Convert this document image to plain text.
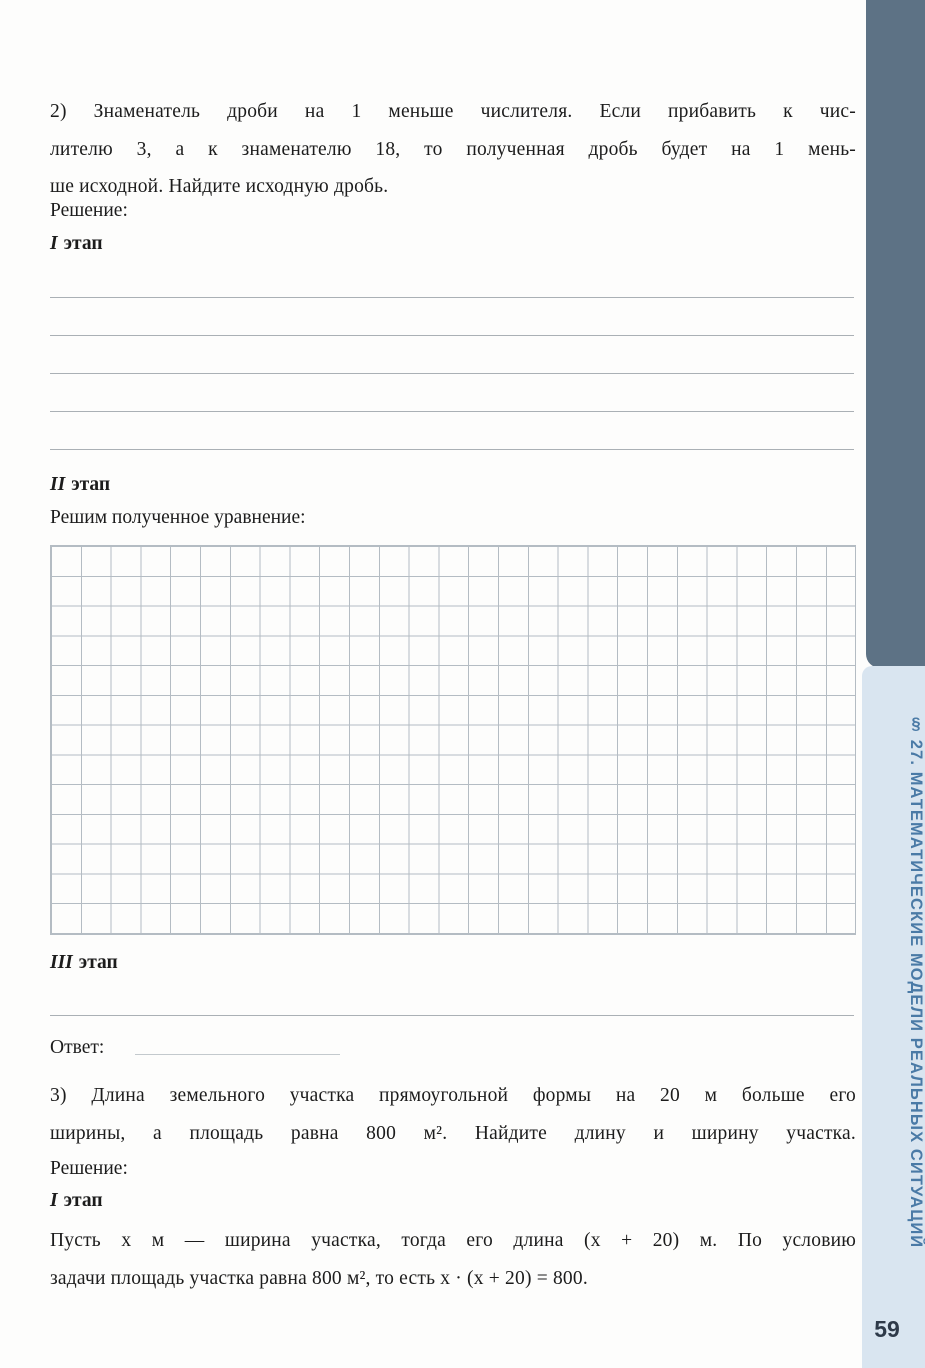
2) Знаменатель дроби на 1 меньше числителя. Если прибавить к чис-
лителю 3, а к знаменателю 18, то полученная дробь будет на 1 мень-
ше исходной. Найдите исходную дробь.
Решение:
I этап
II этап
Решим полученное уравнение:
III этап
Ответ:
3) Длина земельного участка прямоугольной формы на 20 м больше его
ширины, а площадь равна 800 м². Найдите длину и ширину участка.
Решение:
I этап
Пусть x м — ширина участка, тогда его длина (x + 20) м. По условию
задачи площадь участка равна 800 м², то есть x · (x + 20) = 800.
§ 27. МАТЕМАТИЧЕСКИЕ МОДЕЛИ РЕАЛЬНЫХ СИТУАЦИЙ
59
